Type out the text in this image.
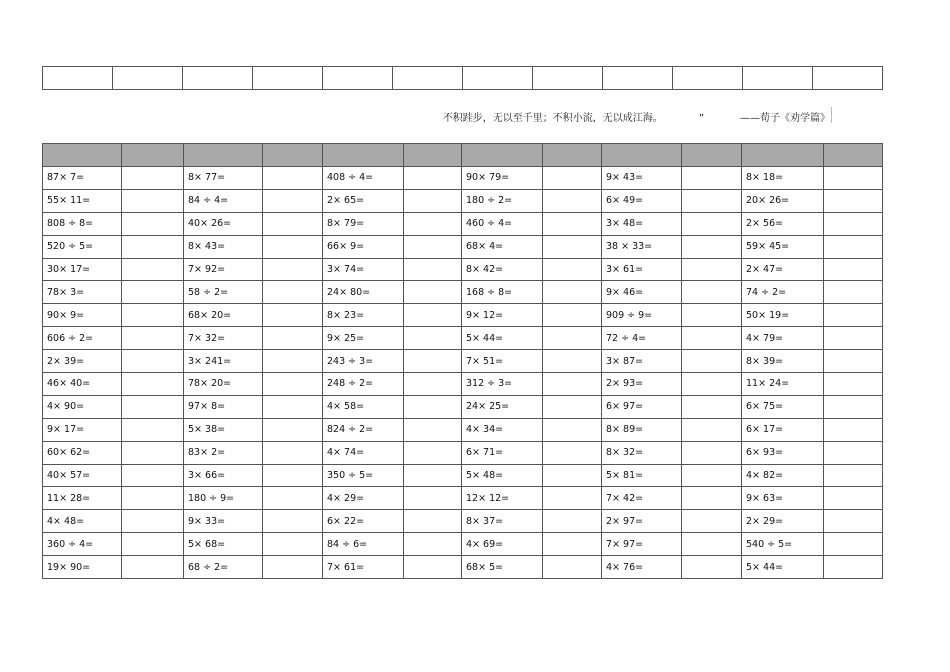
不积跬步，无以至千里；不积小流，无以成江海。	”	——荀子《劝学篇》

87× 7=		8× 77=		408 ÷ 4=		90× 79=		9× 43=		8× 18=	
55× 11=		84 ÷ 4=		2× 65=		180 ÷ 2=		6× 49=		20× 26=	
808 ÷ 8=		40× 26=		8× 79=		460 ÷ 4=		3× 48=		2× 56=	
520 ÷ 5=		8× 43=		66× 9=		68× 4=		38 × 33=		59× 45=	
30× 17=		7× 92=		3× 74=		8× 42=		3× 61=		2× 47=	
78× 3=		58 ÷ 2=		24× 80=		168 ÷ 8=		9× 46=		74 ÷ 2=	
90× 9=		68× 20=		8× 23=		9× 12=		909 ÷ 9=		50× 19=	
606 ÷ 2=		7× 32=		9× 25=		5× 44=		72 ÷ 4=		4× 79=	
2× 39=		3× 241=		243 ÷ 3=		7× 51=		3× 87=		8× 39=	
46× 40=		78× 20=		248 ÷ 2=		312 ÷ 3=		2× 93=		11× 24=	
4× 90=		97× 8=		4× 58=		24× 25=		6× 97=		6× 75=	
9× 17=		5× 38=		824 ÷ 2=		4× 34=		8× 89=		6× 17=	
60× 62=		83× 2=		4× 74=		6× 71=		8× 32=		6× 93=	
40× 57=		3× 66=		350 ÷ 5=		5× 48=		5× 81=		4× 82=	
11× 28=		180 ÷ 9=		4× 29=		12× 12=		7× 42=		9× 63=	
4× 48=		9× 33=		6× 22=		8× 37=		2× 97=		2× 29=	
360 ÷ 4=		5× 68=		84 ÷ 6=		4× 69=		7× 97=		540 ÷ 5=	
19× 90=		68 ÷ 2=		7× 61=		68× 5=		4× 76=		5× 44=	
